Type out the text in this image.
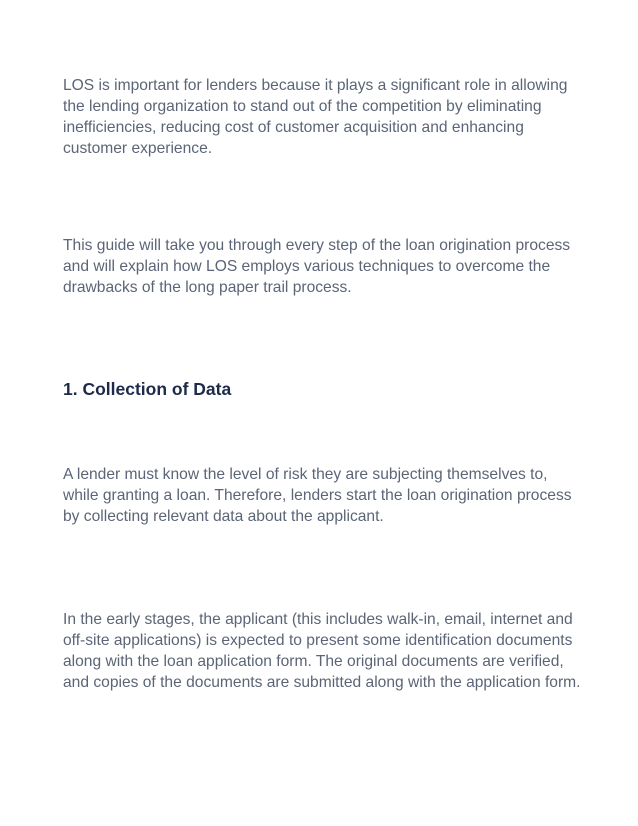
LOS is important for lenders because it plays a significant role in allowing the lending organization to stand out of the competition by eliminating inefficiencies, reducing cost of customer acquisition and enhancing customer experience.

This guide will take you through every step of the loan origination process and will explain how LOS employs various techniques to overcome the drawbacks of the long paper trail process.

1. Collection of Data

A lender must know the level of risk they are subjecting themselves to, while granting a loan. Therefore, lenders start the loan origination process by collecting relevant data about the applicant.

In the early stages, the applicant (this includes walk-in, email, internet and off-site applications) is expected to present some identification documents along with the loan application form. The original documents are verified, and copies of the documents are submitted along with the application form.
